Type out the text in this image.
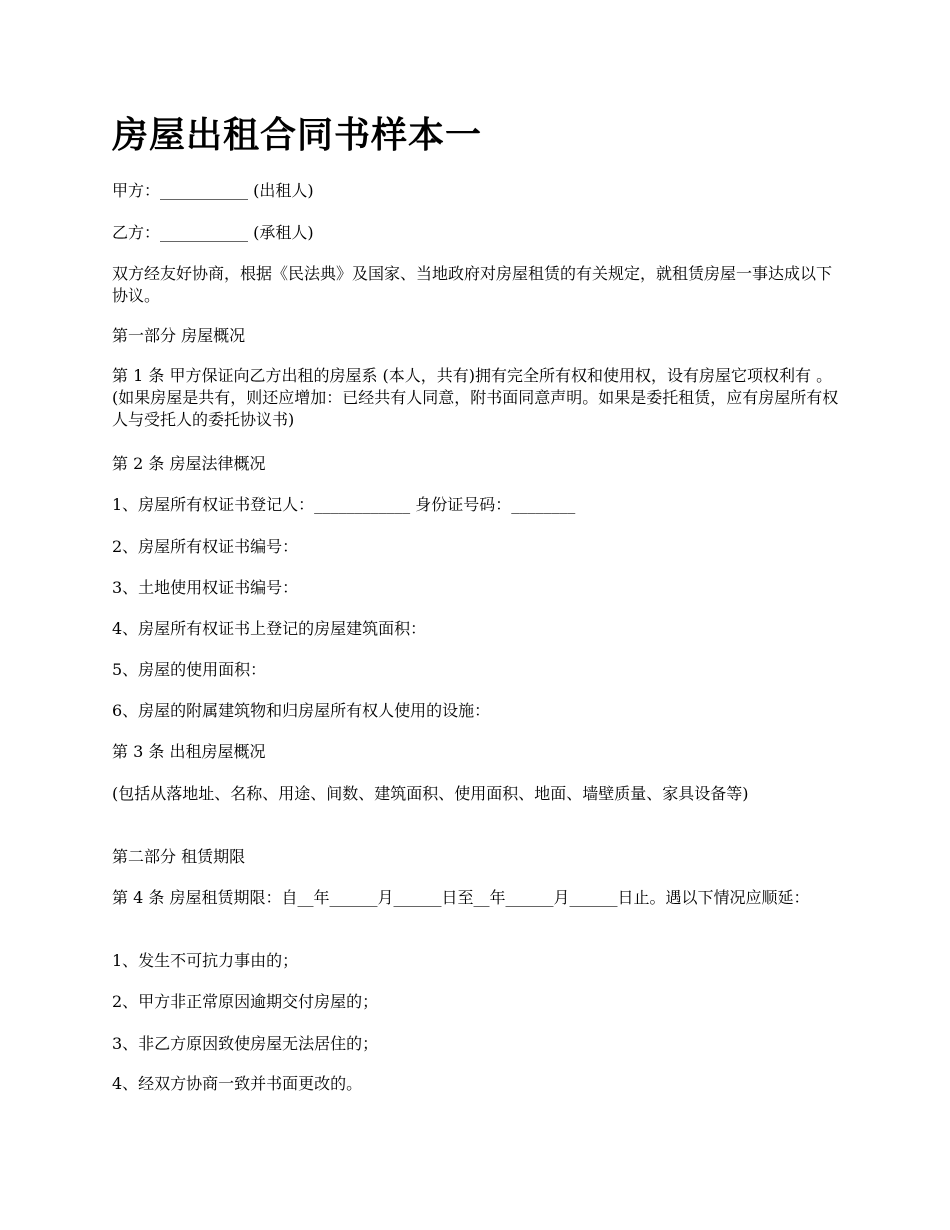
房屋出租合同书样本一

甲方：___________ (出租人)

乙方：___________ (承租人)

双方经友好协商，根据《民法典》及国家、当地政府对房屋租赁的有关规定，就租赁房屋一事达成以下协议。

第一部分 房屋概况

第 1 条 甲方保证向乙方出租的房屋系 (本人，共有)拥有完全所有权和使用权，设有房屋它项权利有 。(如果房屋是共有，则还应增加：已经共有人同意，附书面同意声明。如果是委托租赁，应有房屋所有权人与受托人的委托协议书)

第 2 条 房屋法律概况

1、房屋所有权证书登记人：____________ 身份证号码：________

2、房屋所有权证书编号：

3、土地使用权证书编号：

4、房屋所有权证书上登记的房屋建筑面积：

5、房屋的使用面积：

6、房屋的附属建筑物和归房屋所有权人使用的设施：

第 3 条 出租房屋概况

(包括从落地址、名称、用途、间数、建筑面积、使用面积、地面、墙壁质量、家具设备等)

第二部分 租赁期限

第 4 条 房屋租赁期限：自__年______月______日至__年______月______日止。遇以下情况应顺延：

1、发生不可抗力事由的；

2、甲方非正常原因逾期交付房屋的；

3、非乙方原因致使房屋无法居住的；

4、经双方协商一致并书面更改的。
